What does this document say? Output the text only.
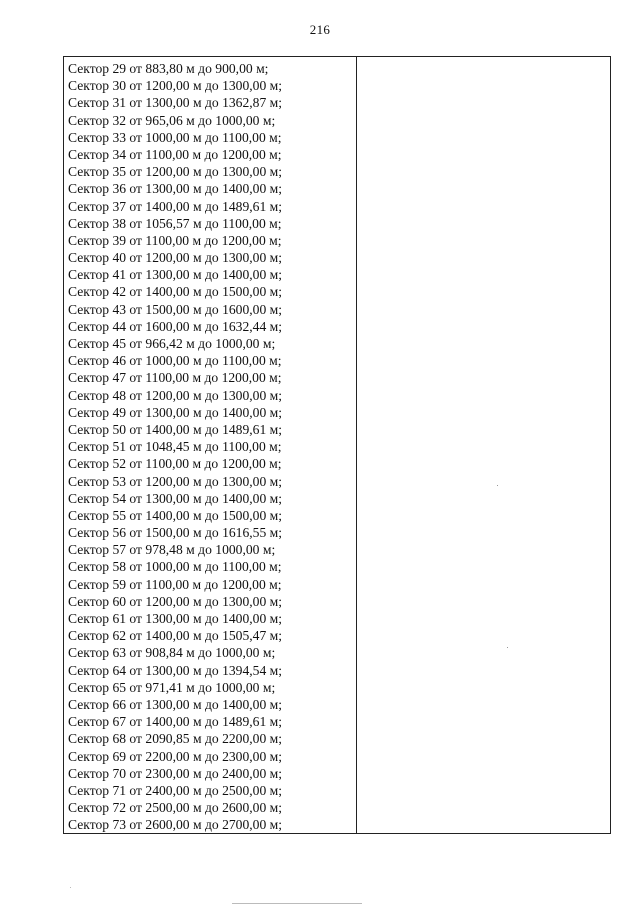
216
Сектор 29 от 883,80 м до 900,00 м;
Сектор 30 от 1200,00 м до 1300,00 м;
Сектор 31 от 1300,00 м до 1362,87 м;
Сектор 32 от 965,06 м до 1000,00 м;
Сектор 33 от 1000,00 м до 1100,00 м;
Сектор 34 от 1100,00 м до 1200,00 м;
Сектор 35 от 1200,00 м до 1300,00 м;
Сектор 36 от 1300,00 м до 1400,00 м;
Сектор 37 от 1400,00 м до 1489,61 м;
Сектор 38 от 1056,57 м до 1100,00 м;
Сектор 39 от 1100,00 м до 1200,00 м;
Сектор 40 от 1200,00 м до 1300,00 м;
Сектор 41 от 1300,00 м до 1400,00 м;
Сектор 42 от 1400,00 м до 1500,00 м;
Сектор 43 от 1500,00 м до 1600,00 м;
Сектор 44 от 1600,00 м до 1632,44 м;
Сектор 45 от 966,42 м до 1000,00 м;
Сектор 46 от 1000,00 м до 1100,00 м;
Сектор 47 от 1100,00 м до 1200,00 м;
Сектор 48 от 1200,00 м до 1300,00 м;
Сектор 49 от 1300,00 м до 1400,00 м;
Сектор 50 от 1400,00 м до 1489,61 м;
Сектор 51 от 1048,45 м до 1100,00 м;
Сектор 52 от 1100,00 м до 1200,00 м;
Сектор 53 от 1200,00 м до 1300,00 м;
Сектор 54 от 1300,00 м до 1400,00 м;
Сектор 55 от 1400,00 м до 1500,00 м;
Сектор 56 от 1500,00 м до 1616,55 м;
Сектор 57 от 978,48 м до 1000,00 м;
Сектор 58 от 1000,00 м до 1100,00 м;
Сектор 59 от 1100,00 м до 1200,00 м;
Сектор 60 от 1200,00 м до 1300,00 м;
Сектор 61 от 1300,00 м до 1400,00 м;
Сектор 62 от 1400,00 м до 1505,47 м;
Сектор 63 от 908,84 м до 1000,00 м;
Сектор 64 от 1300,00 м до 1394,54 м;
Сектор 65 от 971,41 м до 1000,00 м;
Сектор 66 от 1300,00 м до 1400,00 м;
Сектор 67 от 1400,00 м до 1489,61 м;
Сектор 68 от 2090,85 м до 2200,00 м;
Сектор 69 от 2200,00 м до 2300,00 м;
Сектор 70 от 2300,00 м до 2400,00 м;
Сектор 71 от 2400,00 м до 2500,00 м;
Сектор 72 от 2500,00 м до 2600,00 м;
Сектор 73 от 2600,00 м до 2700,00 м;
